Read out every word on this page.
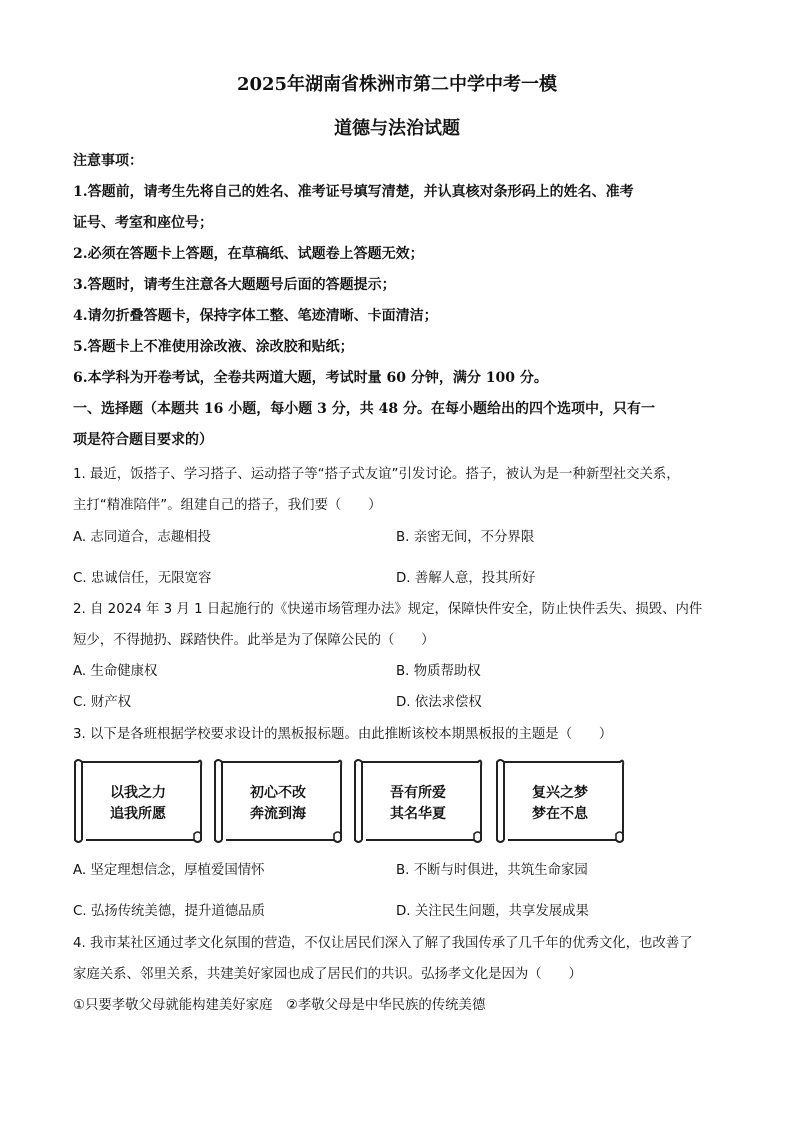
2025年湖南省株洲市第二中学中考一模
道德与法治试题
注意事项：
1.答题前，请考生先将自己的姓名、准考证号填写清楚，并认真核对条形码上的姓名、准考
证号、考室和座位号；
2.必须在答题卡上答题，在草稿纸、试题卷上答题无效；
3.答题时，请考生注意各大题题号后面的答题提示；
4.请勿折叠答题卡，保持字体工整、笔迹清晰、卡面清洁；
5.答题卡上不准使用涂改液、涂改胶和贴纸；
6.本学科为开卷考试，全卷共两道大题，考试时量 60 分钟，满分 100 分。
一、选择题（本题共 16 小题，每小题 3 分，共 48 分。在每小题给出的四个选项中，只有一
项是符合题目要求的）
1. 最近，饭搭子、学习搭子、运动搭子等“搭子式友谊”引发讨论。搭子，被认为是一种新型社交关系，
主打“精准陪伴”。组建自己的搭子，我们要（　　）
A. 志同道合，志趣相投	B. 亲密无间，不分界限
C. 忠诚信任，无限宽容	D. 善解人意，投其所好
2. 自 2024 年 3 月 1 日起施行的《快递市场管理办法》规定，保障快件安全，防止快件丢失、损毁、内件
短少，不得抛扔、踩踏快件。此举是为了保障公民的（　　）
A. 生命健康权	B. 物质帮助权
C. 财产权	D. 依法求偿权
3. 以下是各班根据学校要求设计的黑板报标题。由此推断该校本期黑板报的主题是（　　）
以我之力
追我所愿
初心不改
奔流到海
吾有所爱
其名华夏
复兴之梦
梦在不息
A. 坚定理想信念，厚植爱国情怀	B. 不断与时俱进，共筑生命家园
C. 弘扬传统美德，提升道德品质	D. 关注民生问题，共享发展成果
4. 我市某社区通过孝文化氛围的营造，不仅让居民们深入了解了我国传承了几千年的优秀文化，也改善了
家庭关系、邻里关系，共建美好家园也成了居民们的共识。弘扬孝文化是因为（　　）
①只要孝敬父母就能构建美好家庭　②孝敬父母是中华民族的传统美德
